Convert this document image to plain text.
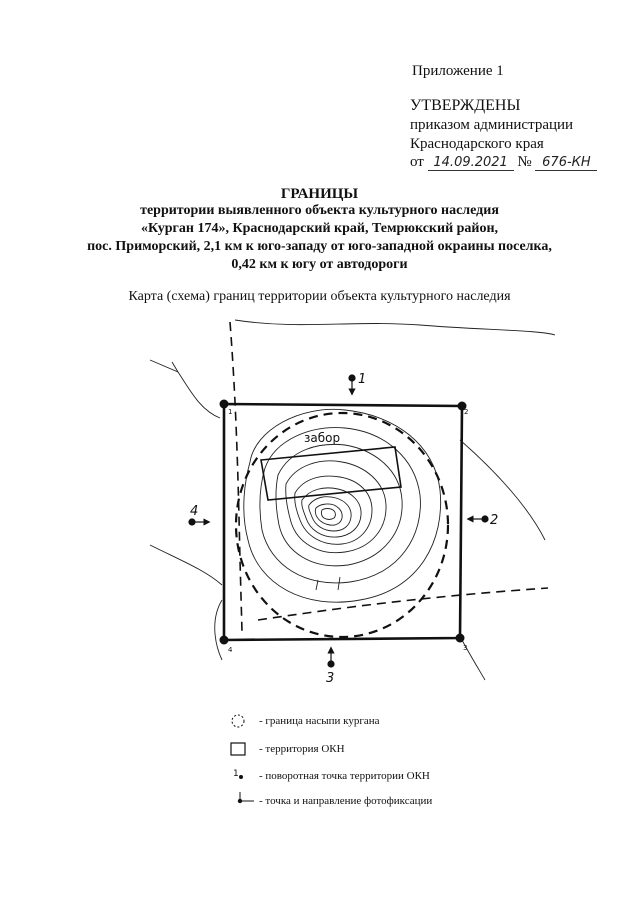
Приложение 1
УТВЕРЖДЕНЫ
приказом администрации
Краснодарского края
от 14.09.2021 № 676-КН
ГРАНИЦЫ
территории выявленного объекта культурного наследия
«Курган 174», Краснодарский край, Темрюкский район,
пос. Приморский, 2,1 км к юго-западу от юго-западной окраины поселка,
0,42 км к югу от автодороги
Карта (схема) границ территории объекта культурного наследия
1	2
3
4
забор
1
2
3
4
1
- граница насыпи кургана
- территория ОКН
- поворотная точка территории ОКН
- точка и направление фотофиксации
